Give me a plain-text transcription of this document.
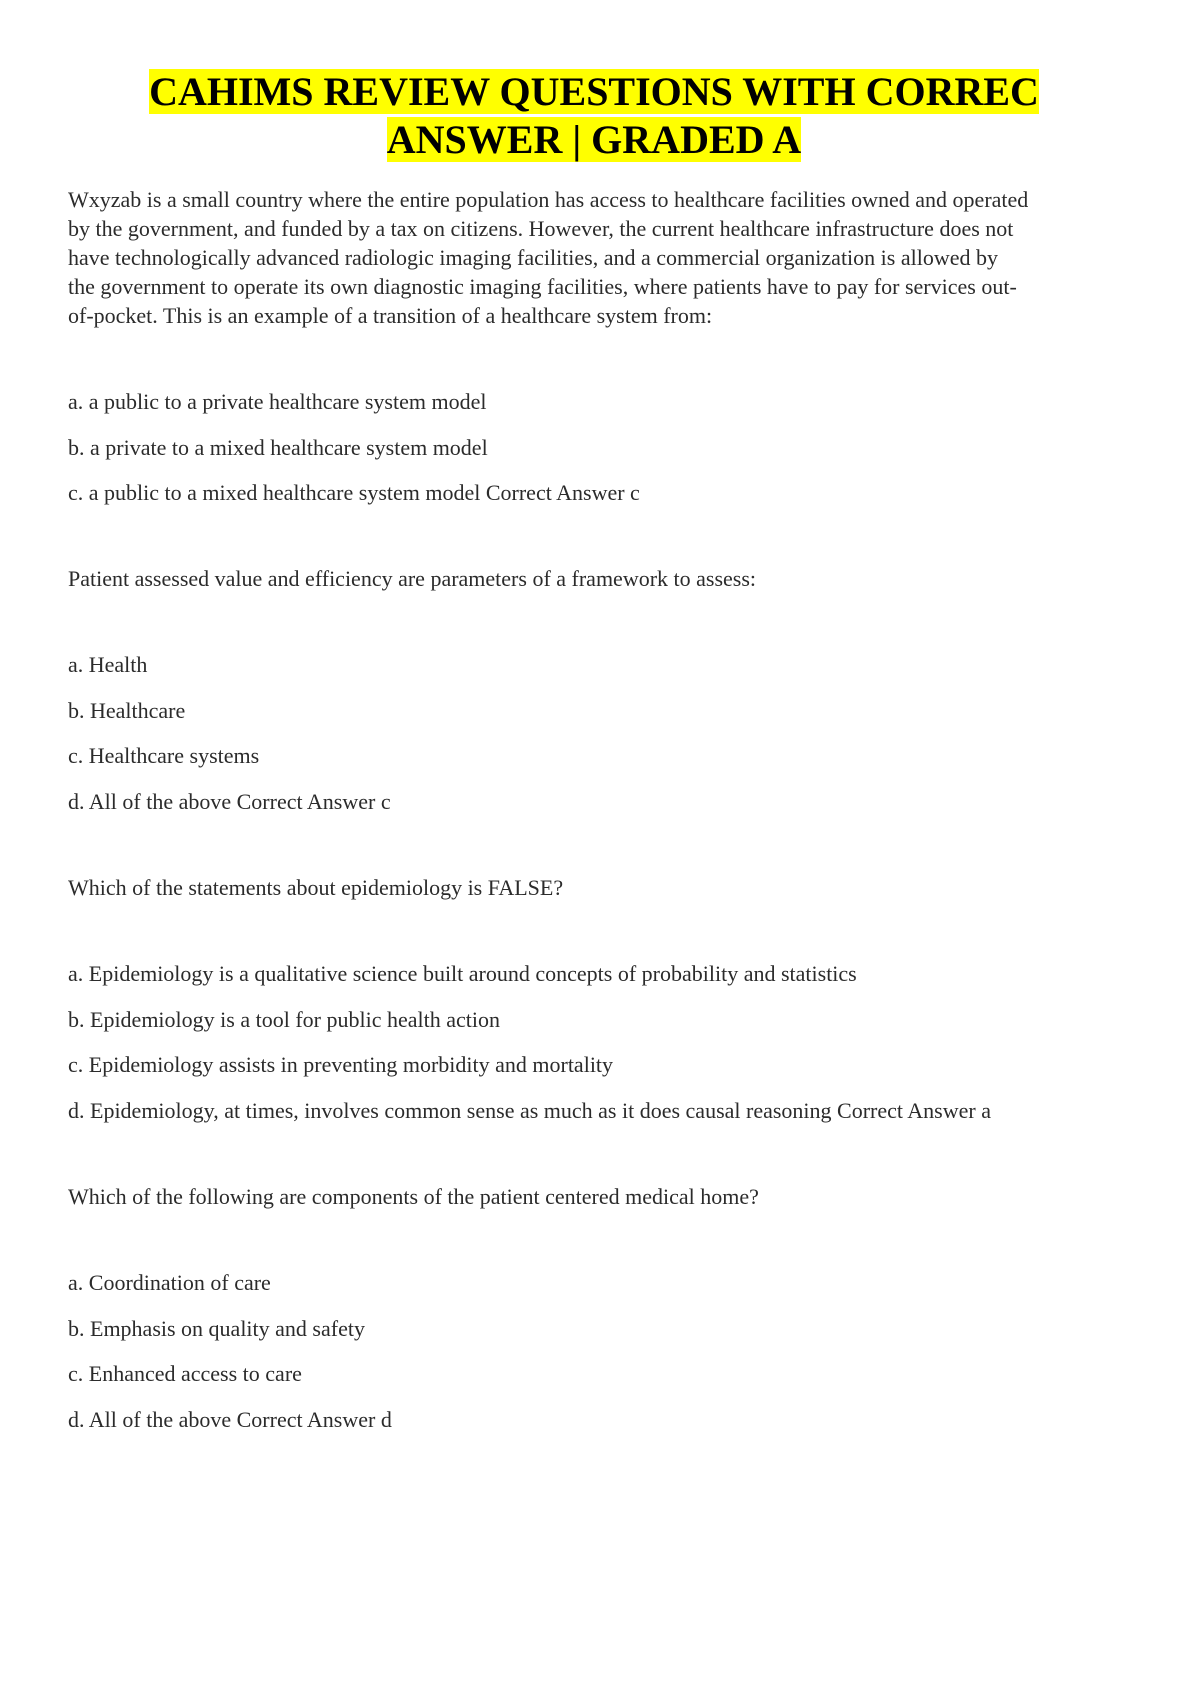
CAHIMS REVIEW QUESTIONS WITH CORREC
ANSWER | GRADED A

Wxyzab is a small country where the entire population has access to healthcare facilities owned and operated

by the government, and funded by a tax on citizens. However, the current healthcare infrastructure does not

have technologically advanced radiologic imaging facilities, and a commercial organization is allowed by

the government to operate its own diagnostic imaging facilities, where patients have to pay for services out-

of-pocket. This is an example of a transition of a healthcare system from:

a. a public to a private healthcare system model

b. a private to a mixed healthcare system model

c. a public to a mixed healthcare system model Correct Answer c

Patient assessed value and efficiency are parameters of a framework to assess:

a. Health

b. Healthcare

c. Healthcare systems

d. All of the above Correct Answer c

Which of the statements about epidemiology is FALSE?

a. Epidemiology is a qualitative science built around concepts of probability and statistics

b. Epidemiology is a tool for public health action

c. Epidemiology assists in preventing morbidity and mortality

d. Epidemiology, at times, involves common sense as much as it does causal reasoning Correct Answer a

Which of the following are components of the patient centered medical home?

a. Coordination of care

b. Emphasis on quality and safety

c. Enhanced access to care

d. All of the above Correct Answer d
